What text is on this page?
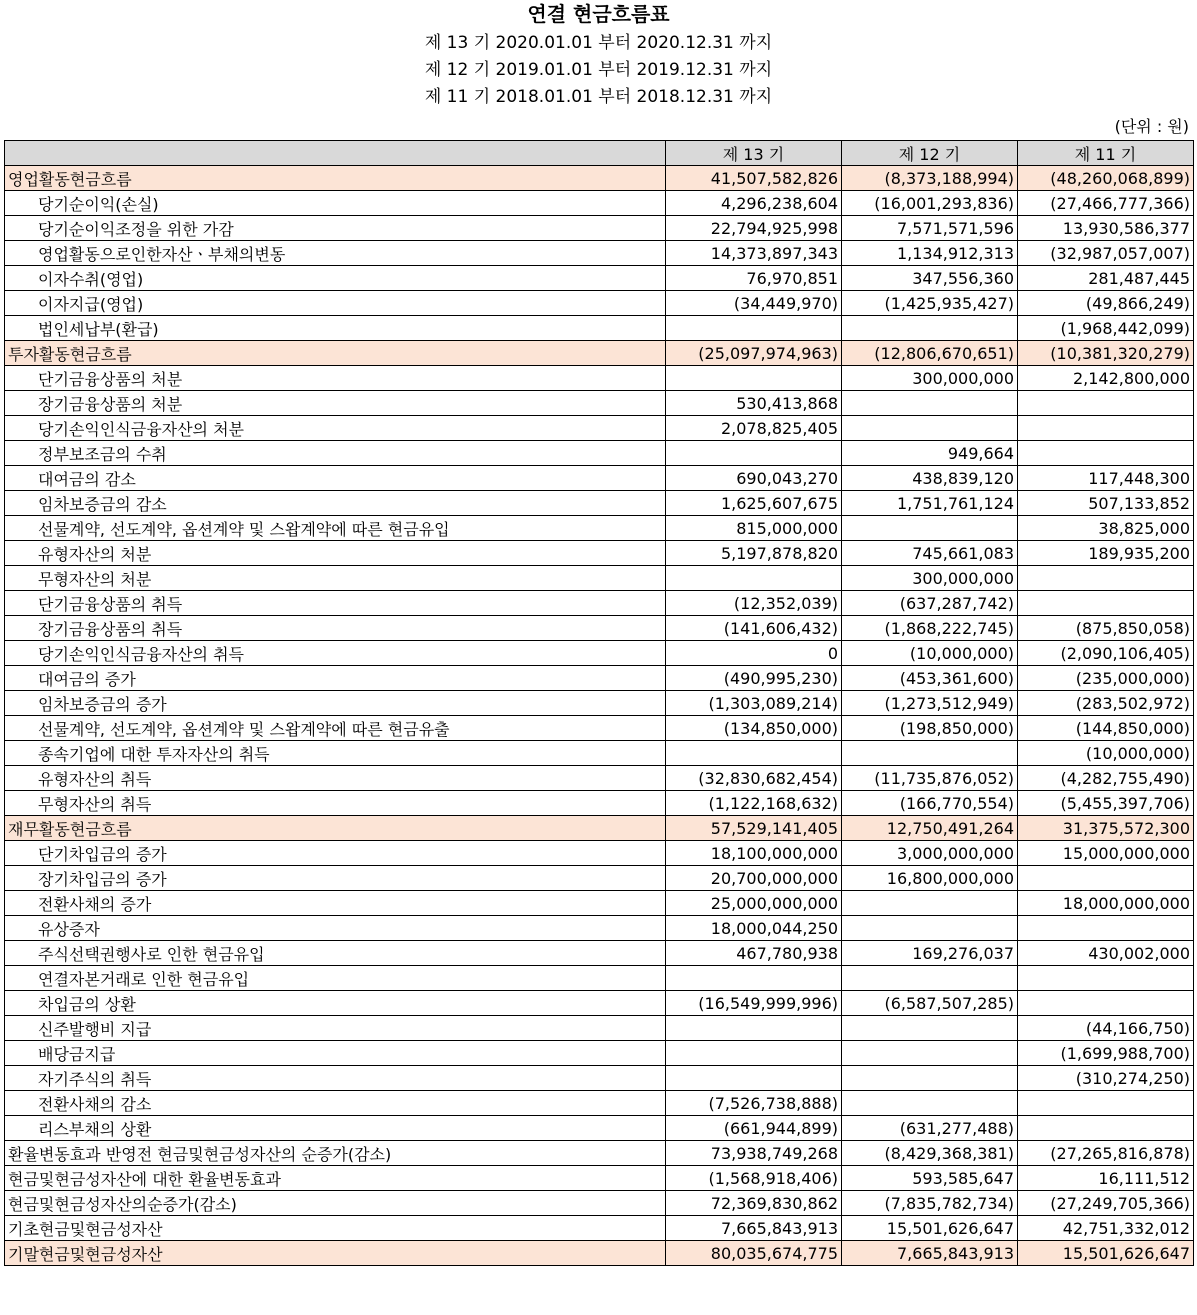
연결 현금흐름표
제 13 기 2020.01.01 부터 2020.12.31 까지
제 12 기 2019.01.01 부터 2019.12.31 까지
제 11 기 2018.01.01 부터 2018.12.31 까지
(단위 : 원)
	제 13 기	제 12 기	제 11 기
영업활동현금흐름	41,507,582,826	(8,373,188,994)	(48,260,068,899)
당기순이익(손실)	4,296,238,604	(16,001,293,836)	(27,466,777,366)
당기순이익조정을 위한 가감	22,794,925,998	7,571,571,596	13,930,586,377
영업활동으로인한자산ㆍ부채의변동	14,373,897,343	1,134,912,313	(32,987,057,007)
이자수취(영업)	76,970,851	347,556,360	281,487,445
이자지급(영업)	(34,449,970)	(1,425,935,427)	(49,866,249)
법인세납부(환급)			(1,968,442,099)
투자활동현금흐름	(25,097,974,963)	(12,806,670,651)	(10,381,320,279)
단기금융상품의 처분		300,000,000	2,142,800,000
장기금융상품의 처분	530,413,868		
당기손익인식금융자산의 처분	2,078,825,405		
정부보조금의 수취		949,664	
대여금의 감소	690,043,270	438,839,120	117,448,300
임차보증금의 감소	1,625,607,675	1,751,761,124	507,133,852
선물계약, 선도계약, 옵션계약 및 스왑계약에 따른 현금유입	815,000,000		38,825,000
유형자산의 처분	5,197,878,820	745,661,083	189,935,200
무형자산의 처분		300,000,000	
단기금융상품의 취득	(12,352,039)	(637,287,742)	
장기금융상품의 취득	(141,606,432)	(1,868,222,745)	(875,850,058)
당기손익인식금융자산의 취득	0	(10,000,000)	(2,090,106,405)
대여금의 증가	(490,995,230)	(453,361,600)	(235,000,000)
임차보증금의 증가	(1,303,089,214)	(1,273,512,949)	(283,502,972)
선물계약, 선도계약, 옵션계약 및 스왑계약에 따른 현금유출	(134,850,000)	(198,850,000)	(144,850,000)
종속기업에 대한 투자자산의 취득			(10,000,000)
유형자산의 취득	(32,830,682,454)	(11,735,876,052)	(4,282,755,490)
무형자산의 취득	(1,122,168,632)	(166,770,554)	(5,455,397,706)
재무활동현금흐름	57,529,141,405	12,750,491,264	31,375,572,300
단기차입금의 증가	18,100,000,000	3,000,000,000	15,000,000,000
장기차입금의 증가	20,700,000,000	16,800,000,000	
전환사채의 증가	25,000,000,000		18,000,000,000
유상증자	18,000,044,250		
주식선택권행사로 인한 현금유입	467,780,938	169,276,037	430,002,000
연결자본거래로 인한 현금유입			
차입금의 상환	(16,549,999,996)	(6,587,507,285)	
신주발행비 지급			(44,166,750)
배당금지급			(1,699,988,700)
자기주식의 취득			(310,274,250)
전환사채의 감소	(7,526,738,888)		
리스부채의 상환	(661,944,899)	(631,277,488)	
환율변동효과 반영전 현금및현금성자산의 순증가(감소)	73,938,749,268	(8,429,368,381)	(27,265,816,878)
현금및현금성자산에 대한 환율변동효과	(1,568,918,406)	593,585,647	16,111,512
현금및현금성자산의순증가(감소)	72,369,830,862	(7,835,782,734)	(27,249,705,366)
기초현금및현금성자산	7,665,843,913	15,501,626,647	42,751,332,012
기말현금및현금성자산	80,035,674,775	7,665,843,913	15,501,626,647
